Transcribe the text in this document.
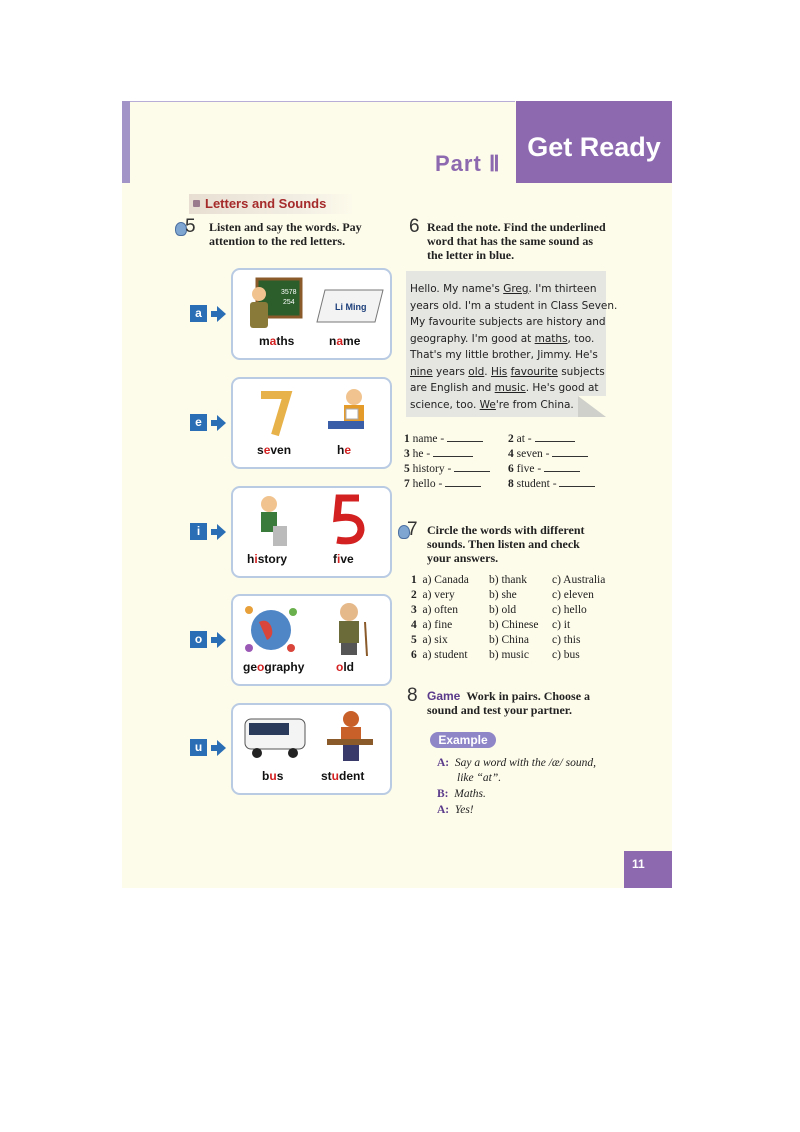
Get Ready
Part Ⅱ
Letters and Sounds
5 Listen and say the words. Pay
attention to the red letters.
a
3578
254	Li Ming
maths	name
e
seven	he
i
history	five
o
geography	old
u
bus	student
6 Read the note. Find the underlined
word that has the same sound as
the letter in blue.

Hello. My name's Greg. I'm thirteen

years old. I'm a student in Class Seven.

My favourite subjects are history and

geography. I'm good at maths, too.

That's my little brother, Jimmy. He's

nine years old. His favourite subjects

are English and music. He's good at

science, too. We're from China.

1 name -	2 at -
3 he -	4 seven -
5 history -	6 five -
7 hello -	8 student -
7 Circle the words with different
sounds. Then listen and check
your answers.
1 a) Canada b) thank c) Australia
2 a) very	b) she	c) eleven
3 a) often	b) old	c) hello
4 a) fine	b) Chinese c) it
5 a) six	b) China c) this
6 a) student b) music c) bus
8 Game Work in pairs. Choose a
sound and test your partner.
Example
A: Say a word with the /æ/ sound,
like “at”.
B: Maths.
A: Yes!
11
